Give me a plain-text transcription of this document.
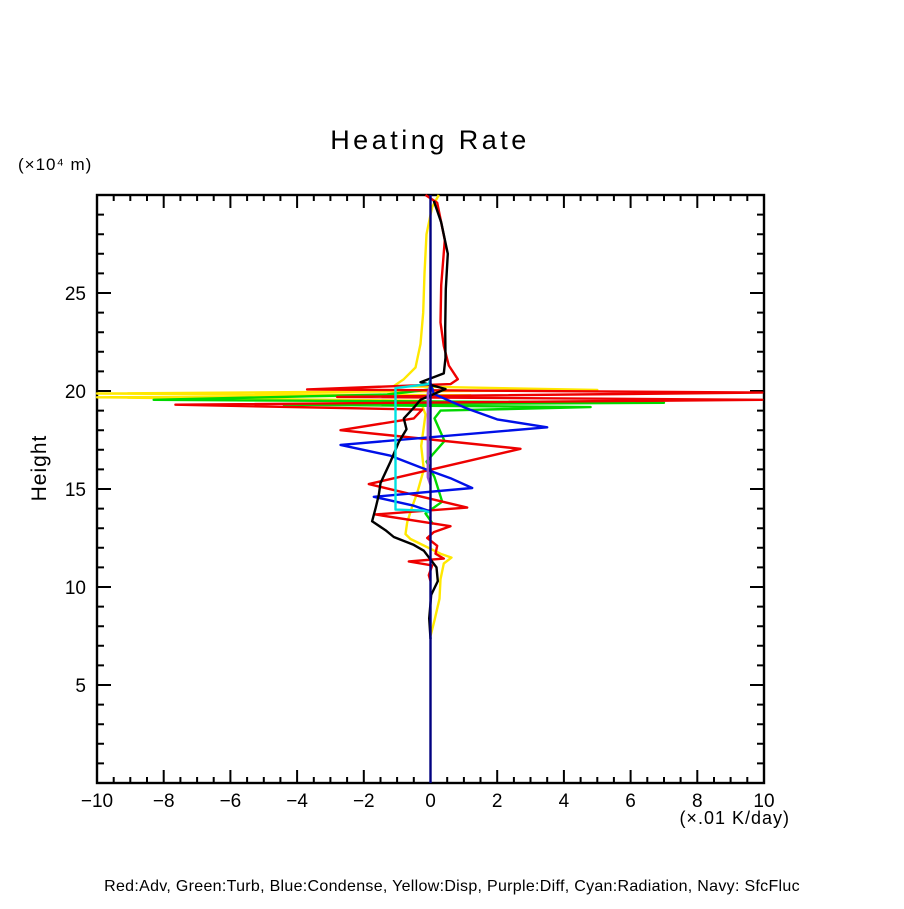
Heating Rate
(×10⁴ m)
(×.01 K/day)
Height
Red:Adv, Green:Turb, Blue:Condense, Yellow:Disp, Purple:Diff, Cyan:Radiation, Navy: SfcFluc
−10 −8 −6 −4 −2	0	2	4	6	8	10
5
10
15
20
25
